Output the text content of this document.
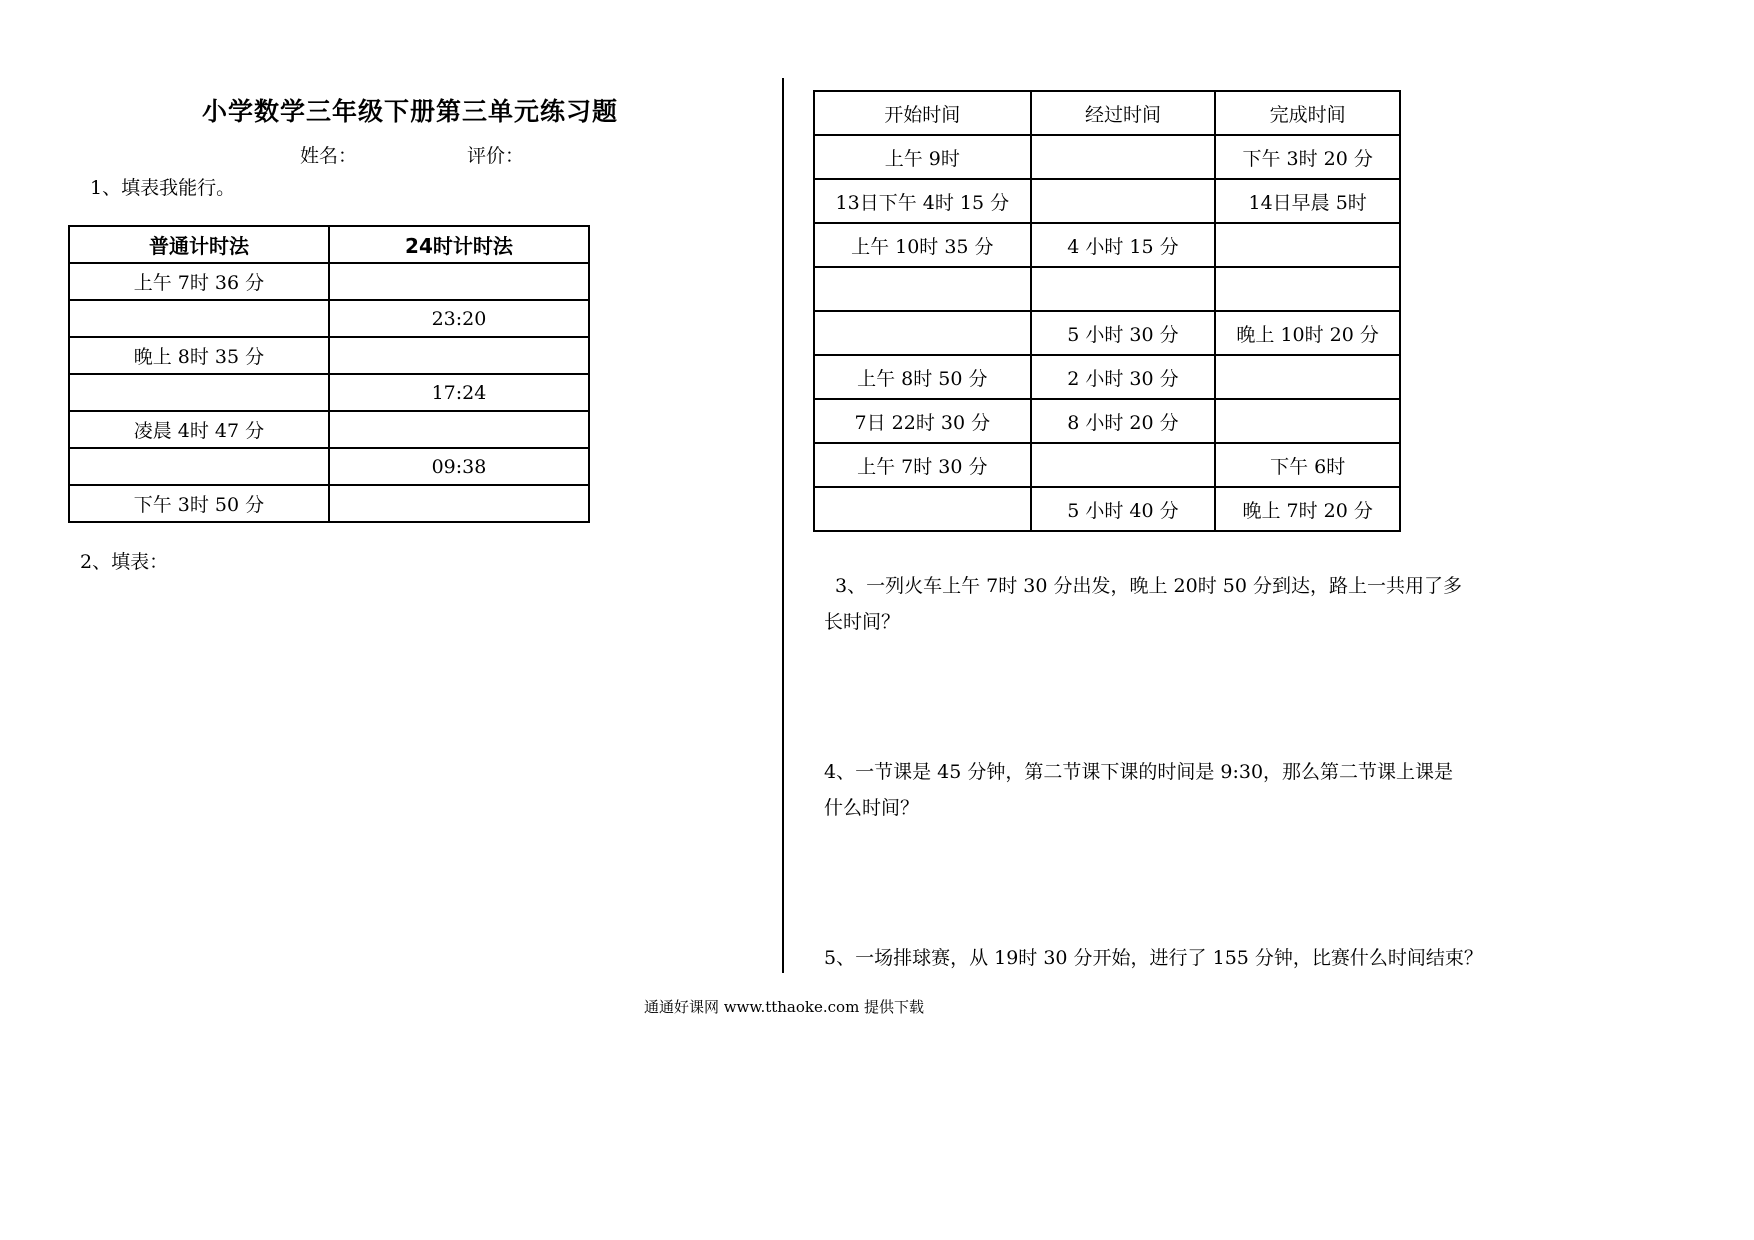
小学数学三年级下册第三单元练习题
姓名：	评价：
1、填表我能行。
普通计时法	24时计时法
上午 7时 36 分	
	23:20
晚上 8时 35 分	
	17:24
凌晨 4时 47 分	
	09:38
下午 3时 50 分	
2、填表：
开始时间	经过时间	完成时间
上午 9时		下午 3时 20 分
13日下午 4时 15 分		14日早晨 5时
上午 10时 35 分	4 小时 15 分	

	5 小时 30 分	晚上 10时 20 分
上午 8时 50 分	2 小时 30 分	
7日 22时 30 分	8 小时 20 分	
上午 7时 30 分		下午 6时
	5 小时 40 分	晚上 7时 20 分
3、一列火车上午 7时 30 分出发，晚上 20时 50 分到达，路上一共用了多
长时间？
4、一节课是 45 分钟，第二节课下课的时间是 9:30，那么第二节课上课是
什么时间？
5、一场排球赛，从 19时 30 分开始，进行了 155 分钟，比赛什么时间结束？
通通好课网 www.tthaoke.com 提供下载
